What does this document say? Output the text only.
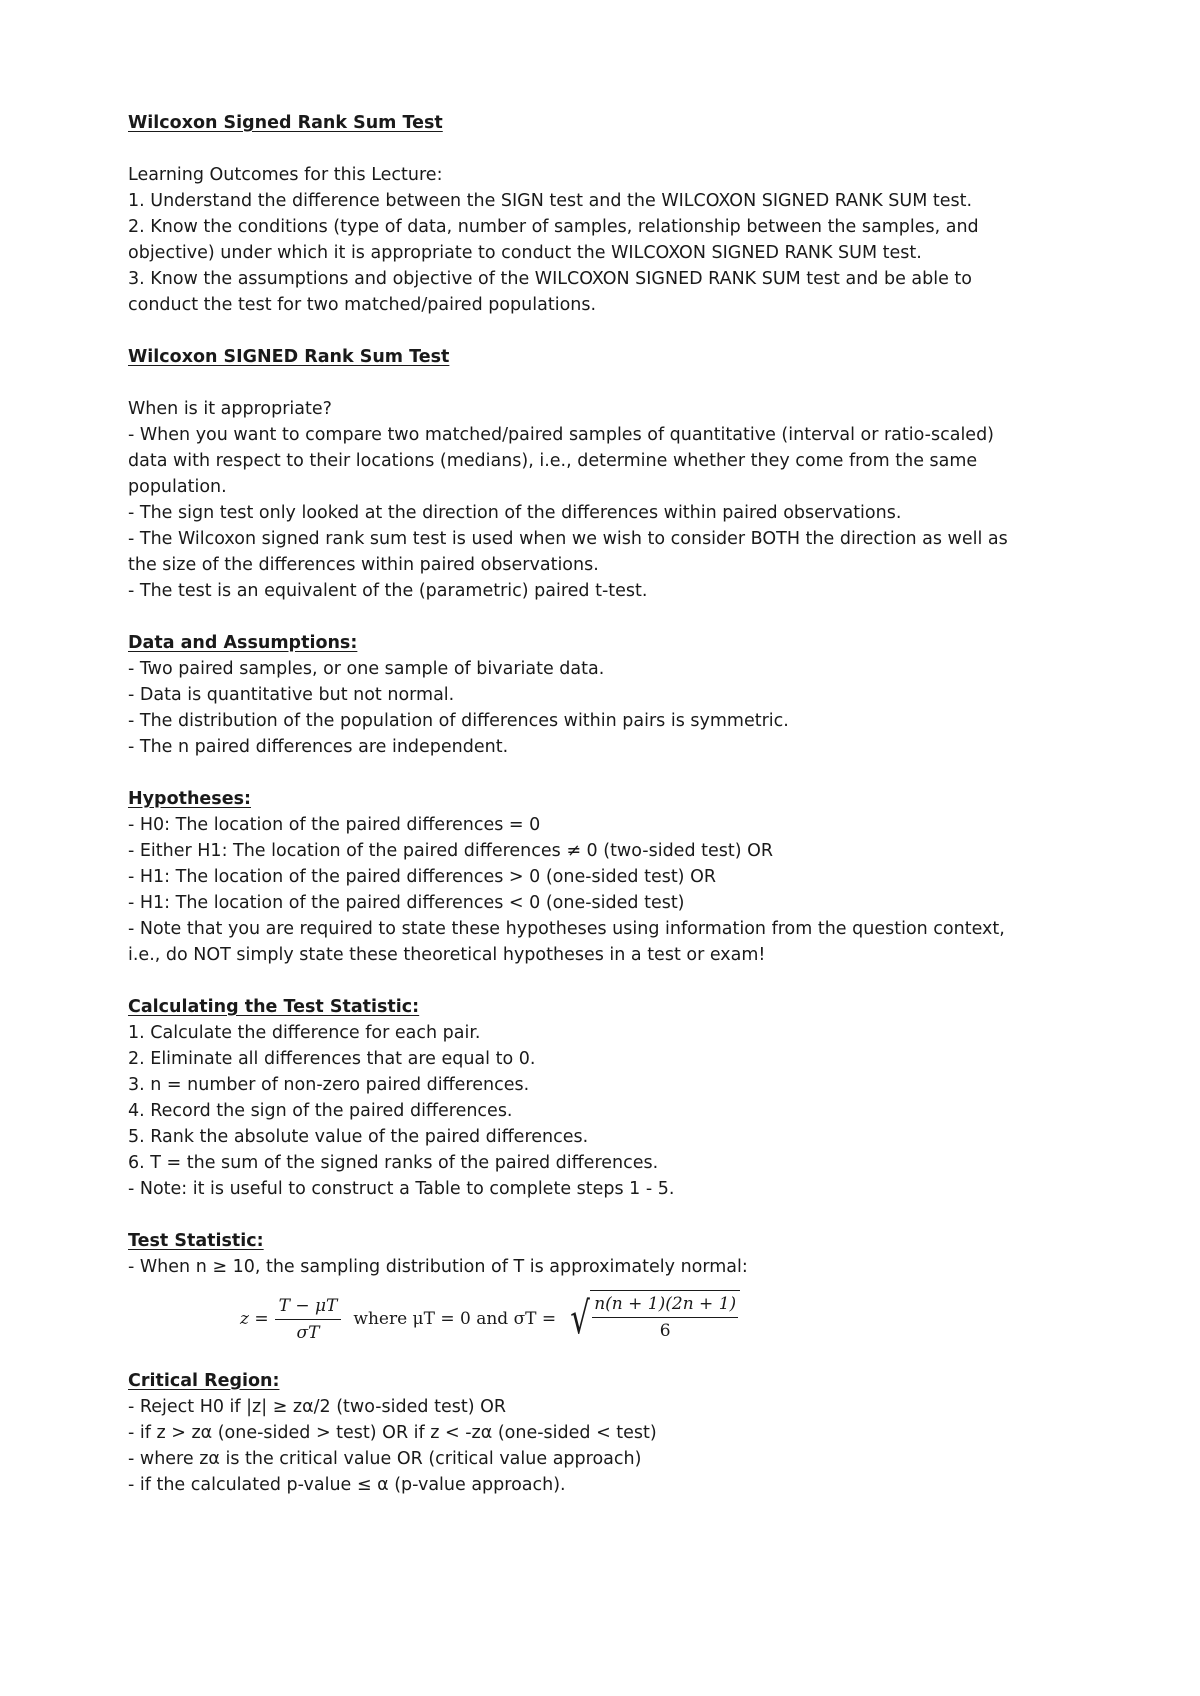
Wilcoxon Signed Rank Sum Test

Learning Outcomes for this Lecture:

1. Understand the difference between the SIGN test and the WILCOXON SIGNED RANK SUM test.

2. Know the conditions (type of data, number of samples, relationship between the samples, and

objective) under which it is appropriate to conduct the WILCOXON SIGNED RANK SUM test.

3. Know the assumptions and objective of the WILCOXON SIGNED RANK SUM test and be able to

conduct the test for two matched/paired populations.

Wilcoxon SIGNED Rank Sum Test

When is it appropriate?

- When you want to compare two matched/paired samples of quantitative (interval or ratio-scaled)

data with respect to their locations (medians), i.e., determine whether they come from the same

population.

- The sign test only looked at the direction of the differences within paired observations.

- The Wilcoxon signed rank sum test is used when we wish to consider BOTH the direction as well as

the size of the differences within paired observations.

- The test is an equivalent of the (parametric) paired t-test.

Data and Assumptions:

- Two paired samples, or one sample of bivariate data.

- Data is quantitative but not normal.

- The distribution of the population of differences within pairs is symmetric.

- The n paired differences are independent.

Hypotheses:

- H0: The location of the paired differences = 0

- Either H1: The location of the paired differences ≠ 0 (two-sided test) OR

- H1: The location of the paired differences > 0 (one-sided test) OR

- H1: The location of the paired differences < 0 (one-sided test)

- Note that you are required to state these hypotheses using information from the question context,

i.e., do NOT simply state these theoretical hypotheses in a test or exam!

Calculating the Test Statistic:

1. Calculate the difference for each pair.

2. Eliminate all differences that are equal to 0.

3. n = number of non-zero paired differences.

4. Record the sign of the paired differences.

5. Rank the absolute value of the paired differences.

6. T = the sum of the signed ranks of the paired differences.

- Note: it is useful to construct a Table to complete steps 1 - 5.

Test Statistic:

- When n ≥ 10, the sampling distribution of T is approximately normal:

$z = \frac{T - \mu T}{\sigma T}$ where μT = 0 and σT = √ $\frac{n(n + 1)(2n + 1)}{6}$

Critical Region:

- Reject H0 if |z| ≥ zα/2 (two-sided test) OR

- if z > zα (one-sided > test) OR if z < -zα (one-sided < test)

- where zα is the critical value OR (critical value approach)

- if the calculated p-value ≤ α (p-value approach).
